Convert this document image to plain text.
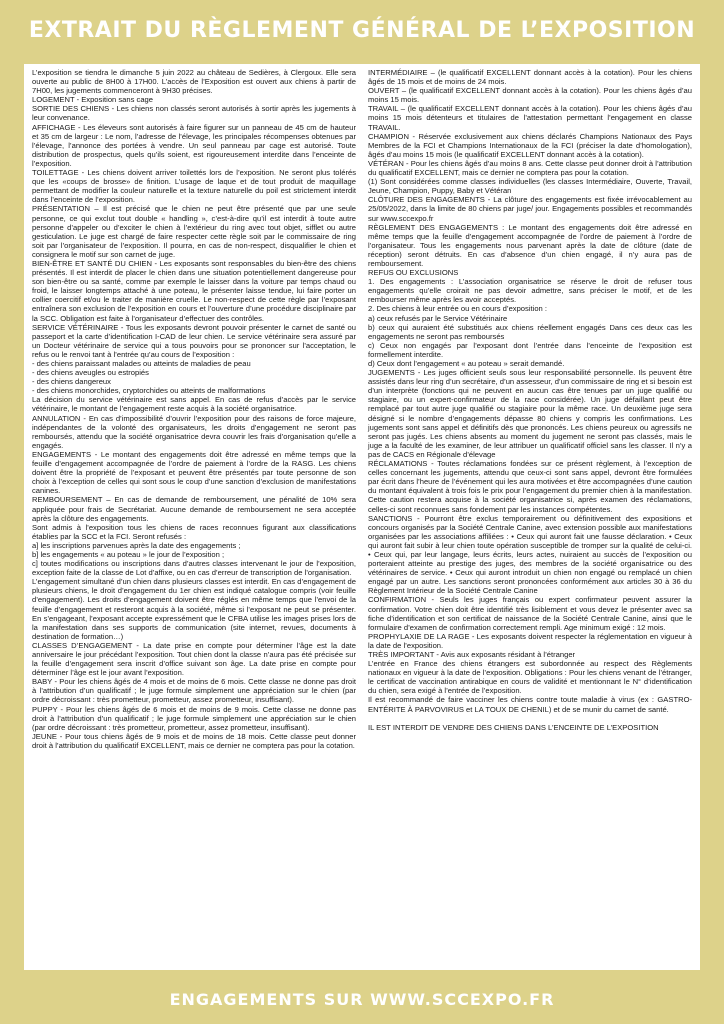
EXTRAIT DU RÈGLEMENT GÉNÉRAL DE L’EXPOSITION

L’exposition se tiendra le dimanche 5 juin 2022 au château de Sedières, à Clergoux. Elle sera ouverte au public de 8H00 à 17H00. L’accès de l’Exposition est ouvert aux chiens à partir de 7H00, les jugements commenceront à 9H30 précises.

LOGEMENT - Exposition sans cage

SORTIE DES CHIENS - Les chiens non classés seront autorisés à sortir après les jugements à leur convenance.

AFFICHAGE - Les éleveurs sont autorisés à faire figurer sur un panneau de 45 cm de hauteur et 35 cm de largeur : Le nom, l’adresse de l’élevage, les principales récompenses obtenues par l’élevage, l’annonce des portées à vendre. Un seul panneau par cage est autorisé. Toute distribution de prospectus, quels qu’ils soient, est rigoureusement interdite dans l’enceinte de l’exposition.

TOILETTAGE - Les chiens doivent arriver toilettés lors de l’exposition. Ne seront plus tolérés que les «coups de brosse» de finition. L’usage de laque et de tout produit de maquillage permettant de modifier la couleur naturelle et la texture naturelle du poil est strictement interdit dans l’enceinte de l’exposition.

PRÉSENTATION – Il est précisé que le chien ne peut être présenté que par une seule personne, ce qui exclut tout double « handling », c’est-à-dire qu’il est interdit à toute autre personne d’appeler ou d’exciter le chien à l’extérieur du ring avec tout objet, sifflet ou autre gesticulation. Le juge est chargé de faire respecter cette règle soit par le commissaire de ring soit par l’organisateur de l’exposition. Il pourra, en cas de non-respect, disqualifier le chien et consignera le motif sur son carnet de juge.

BIEN-ÊTRE ET SANTÉ DU CHIEN - Les exposants sont responsables du bien-être des chiens présentés. Il est interdit de placer le chien dans une situation potentiellement dangereuse pour son bien-être ou sa santé, comme par exemple le laisser dans la voiture par temps chaud ou froid, le laisser longtemps attaché à une poteau, le présenter laisse tendue, lui faire porter un collier coercitif et/ou le traiter de manière cruelle. Le non-respect de cette règle par l’exposant entraînera son exclusion de l’exposition en cours et l’ouverture d’une procédure disciplinaire par la SCC. Obligation est faite à l’organisateur d’effectuer des contrôles.

SERVICE VÉTÉRINAIRE - Tous les exposants devront pouvoir présenter le carnet de santé ou passeport et la carte d’identification I-CAD de leur chien. Le service vétérinaire sera assuré par un Docteur vétérinaire de service qui a tous pouvoirs pour se prononcer sur l’acceptation, le refus ou le renvoi tant à l’entrée qu’au cours de l’exposition :

- des chiens paraissant malades ou atteints de maladies de peau

- des chiens aveugles ou estropiés

- des chiens dangereux

- des chiens monorchides, cryptorchides ou atteints de malformations

La décision du service vétérinaire est sans appel. En cas de refus d’accès par le service vétérinaire, le montant de l’engagement reste acquis à la société organisatrice.

ANNULATION - En cas d’impossibilité d’ouvrir l’exposition pour des raisons de force majeure, indépendantes de la volonté des organisateurs, les droits d’engagement ne seront pas remboursés, attendu que la société organisatrice devra couvrir les frais d’organisation qu’elle a engagés.

ENGAGEMENTS - Le montant des engagements doit être adressé en même temps que la feuille d’engagement accompagnée de l’ordre de paiement à l’ordre de la RASG. Les chiens doivent être la propriété de l’exposant et peuvent être présentés par toute personne de son choix à l’exception de celles qui sont sous le coup d’une sanction d’exclusion de manifestations canines.

REMBOURSEMENT – En cas de demande de remboursement, une pénalité de 10% sera appliquée pour frais de Secrétariat. Aucune demande de remboursement ne sera acceptée après la clôture des engagements.

Sont admis à l’exposition tous les chiens de races reconnues figurant aux classifications établies par la SCC et la FCI. Seront refusés :

a] les inscriptions parvenues après la date des engagements ;

b] les engagements « au poteau » le jour de l’exposition ;

c] toutes modifications ou inscriptions dans d’autres classes intervenant le jour de l’exposition, exception faite de la classe de Lot d’affixe, ou en cas d’erreur de transcription de l’organisation.

L’engagement simultané d’un chien dans plusieurs classes est interdit. En cas d’engagement de plusieurs chiens, le droit d’engagement du 1er chien est indiqué catalogue compris (voir feuille d’engagement). Les droits d’engagement doivent être réglés en même temps que l’envoi de la feuille d’engagement et resteront acquis à la société, même si l’exposant ne peut se présenter. En s’engageant, l’exposant accepte expressément que le CFBA utilise les images prises lors de la manifestation dans ses supports de communication (site internet, revues, documents à destination de formation…)

CLASSES D’ENGAGEMENT - La date prise en compte pour déterminer l’âge est la date anniversaire le jour précédant l’exposition. Tout chien dont la classe n’aura pas été précisée sur la feuille d’engagement sera inscrit d’office suivant son âge. La date prise en compte pour déterminer l’âge est le jour avant l’exposition.

BABY - Pour les chiens âgés de 4 mois et de moins de 6 mois. Cette classe ne donne pas droit à l’attribution d’un qualificatif ; le juge formule simplement une appréciation sur le chien (par ordre décroissant : très prometteur, prometteur, assez prometteur, insuffisant).

PUPPY - Pour les chiens âgés de 6 mois et de moins de 9 mois. Cette classe ne donne pas droit à l’attribution d’un qualificatif ; le juge formule simplement une appréciation sur le chien (par ordre décroissant : très prometteur, prometteur, assez prometteur, insuffisant).

JEUNE - Pour tous chiens âgés de 9 mois et de moins de 18 mois. Cette classe peut donner droit à l’attribution du qualificatif EXCELLENT, mais ce dernier ne comptera pas pour la cotation.

INTERMÉDIAIRE – (le qualificatif EXCELLENT donnant accès à la cotation). Pour les chiens âgés de 15 mois et de moins de 24 mois.

OUVERT – (le qualificatif EXCELLENT donnant accès à la cotation). Pour les chiens âgés d’au moins 15 mois.

TRAVAIL – (le qualificatif EXCELLENT donnant accès à la cotation). Pour les chiens âgés d’au moins 15 mois détenteurs et titulaires de l’attestation permettant l’engagement en classe TRAVAIL.

CHAMPION - Réservée exclusivement aux chiens déclarés Champions Nationaux des Pays Membres de la FCI et Champions Internationaux de la FCI (préciser la date d’homologation), âgés d’au moins 15 mois (le qualificatif EXCELLENT donnant accès à la cotation).

VÉTÉRAN - Pour les chiens âgés d’au moins 8 ans. Cette classe peut donner droit à l’attribution du qualificatif EXCELLENT, mais ce dernier ne comptera pas pour la cotation.

(1) Sont considérées comme classes individuelles (les classes Intermédiaire, Ouverte, Travail, Jeune, Champion, Puppy, Baby et Vétéran

CLÔTURE DES ENGAGEMENTS - La clôture des engagements est fixée irrévocablement au 25/05/2022, dans la limite de 80 chiens par juge/ jour. Engagements possibles et recommandés sur www.sccexpo.fr

RÈGLEMENT DES ENGAGEMENTS : Le montant des engagements doit être adressé en même temps que la feuille d’engagement accompagnée de l’ordre de paiement à l’ordre de l’organisateur. Tous les engagements nous parvenant après la date de clôture (date de réception) seront détruits. En cas d’absence d’un chien engagé, il n’y aura pas de remboursement.

REFUS OU EXCLUSIONS

1. Des engagements : L’association organisatrice se réserve le droit de refuser tous engagements qu’elle croirait ne pas devoir admettre, sans préciser le motif, et de les rembourser même après les avoir acceptés.

2. Des chiens à leur entrée ou en cours d’exposition :

a) ceux refusés par le Service Vétérinaire

b) ceux qui auraient été substitués aux chiens réellement engagés Dans ces deux cas les engagements ne seront pas remboursés

c) Ceux non engagés par l’exposant dont l’entrée dans l’enceinte de l’exposition est formellement interdite.

d) Ceux dont l’engagement « au poteau » serait demandé.

JUGEMENTS - Les juges officient seuls sous leur responsabilité personnelle. Ils peuvent être assistés dans leur ring d’un secrétaire, d’un assesseur, d’un commissaire de ring et si besoin est d’un interprète (fonctions qui ne peuvent en aucun cas être tenues par un juge qualifié ou stagiaire, ou un expert-confirmateur de la race considérée). Un juge défaillant peut être remplacé par tout autre juge qualifié ou stagiaire pour la même race. Un deuxième juge sera désigné si le nombre d’engagements dépasse 80 chiens y compris les confirmations. Les jugements sont sans appel et définitifs dès que prononcés. Les chiens peureux ou agressifs ne seront pas jugés. Les chiens absents au moment du jugement ne seront pas classés, mais le juge a la faculté de les examiner, de leur attribuer un qualificatif officiel sans les classer. Il n’y a pas de CACS en Régionale d’élevage

RÉCLAMATIONS - Toutes réclamations fondées sur ce présent règlement, à l’exception de celles concernant les jugements, attendu que ceux-ci sont sans appel, devront être formulées par écrit dans l’heure de l’événement qui les aura motivées et être accompagnées d’une caution du montant équivalent à trois fois le prix pour l’engagement du premier chien à la manifestation. Cette caution restera acquise à la société organisatrice si, après examen des réclamations, celles-ci sont reconnues sans fondement par les instances compétentes.

SANCTIONS - Pourront être exclus temporairement ou définitivement des expositions et concours organisés par la Société Centrale Canine, avec extension possible aux manifestations organisées par les associations affiliées : • Ceux qui auront fait une fausse déclaration. • Ceux qui auront fait subir à leur chien toute opération susceptible de tromper sur la qualité de celui-ci. • Ceux qui, par leur langage, leurs écrits, leurs actes, nuiraient au succès de l’exposition ou porteraient atteinte au prestige des juges, des membres de la société organisatrice ou des vétérinaires de service. • Ceux qui auront introduit un chien non engagé ou remplacé un chien engagé par un autre. Les sanctions seront prononcées conformément aux articles 30 à 36 du Règlement Intérieur de la Société Centrale Canine

CONFIRMATION - Seuls les juges français ou expert confirmateur peuvent assurer la confirmation. Votre chien doit être identifié très lisiblement et vous devez le présenter avec sa fiche d’identification et son certificat de naissance de la Société Centrale Canine, ainsi que le formulaire d’examen de confirmation correctement rempli. Age minimum exigé : 12 mois.

PROPHYLAXIE DE LA RAGE - Les exposants doivent respecter la réglementation en vigueur à la date de l’exposition.

TRÈS IMPORTANT - Avis aux exposants résidant à l’étranger

L’entrée en France des chiens étrangers est subordonnée au respect des Règlements nationaux en vigueur à la date de l’exposition. Obligations : Pour les chiens venant de l’étranger, le certificat de vaccination antirabique en cours de validité et mentionnant le N° d’identification du chien, sera exigé à l’entrée de l’exposition.

Il est recommandé de faire vacciner les chiens contre toute maladie à virus (ex : GASTRO-ENTÉRITE À PARVOVIRUS et LA TOUX DE CHENIL) et de se munir du carnet de santé.

IL EST INTERDIT DE VENDRE DES CHIENS DANS L’ENCEINTE DE L’EXPOSITION

ENGAGEMENTS SUR WWW.SCCEXPO.FR
